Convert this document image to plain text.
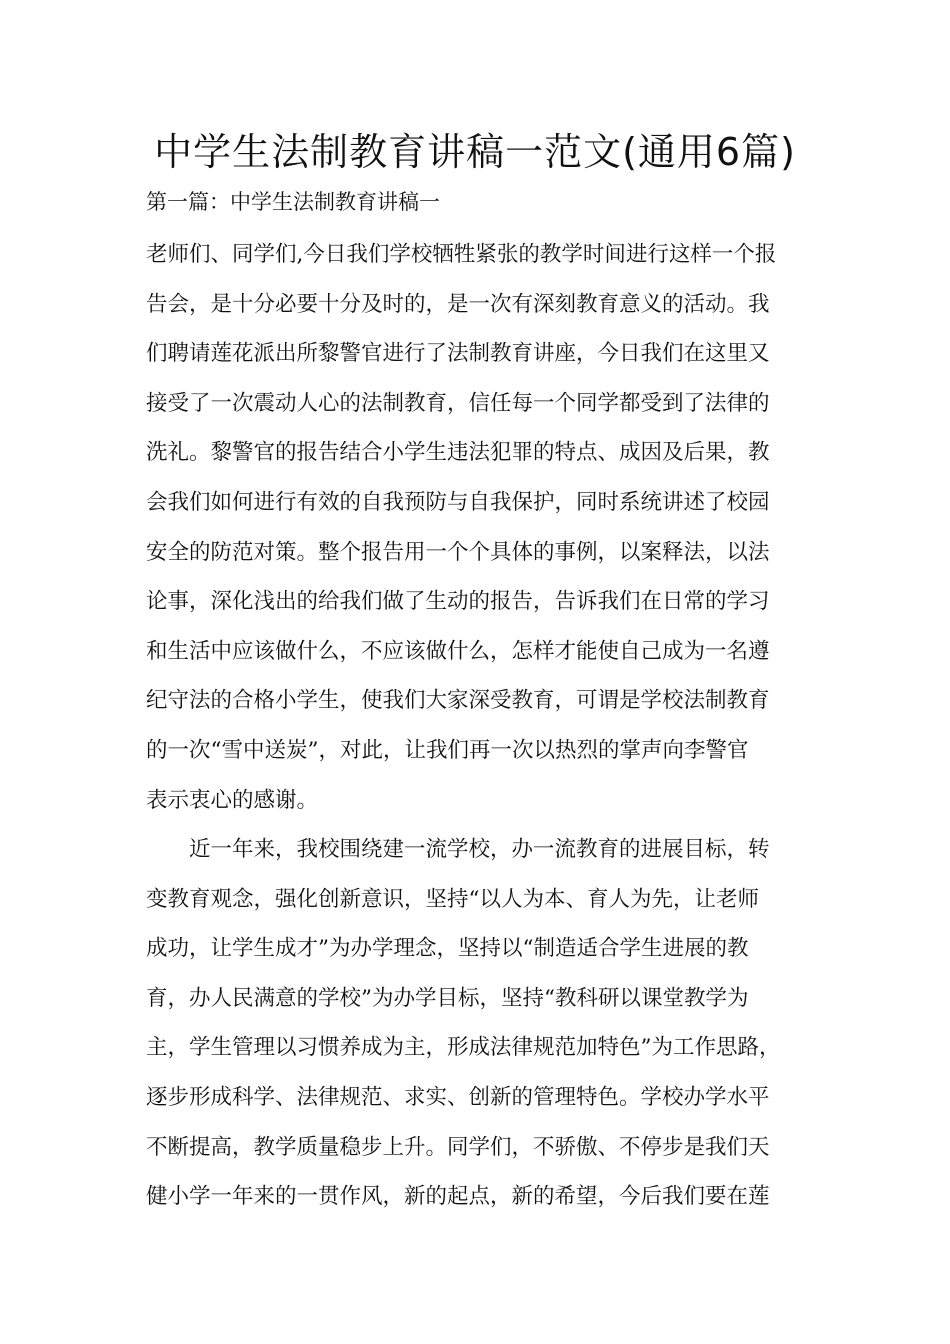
中学生法制教育讲稿一范文(通用6篇)

第一篇：中学生法制教育讲稿一

老师们、同学们,今日我们学校牺牲紧张的教学时间进行这样一个报
告会，是十分必要十分及时的，是一次有深刻教育意义的活动。我
们聘请莲花派出所黎警官进行了法制教育讲座，今日我们在这里又
接受了一次震动人心的法制教育，信任每一个同学都受到了法律的
洗礼。黎警官的报告结合小学生违法犯罪的特点、成因及后果，教
会我们如何进行有效的自我预防与自我保护，同时系统讲述了校园
安全的防范对策。整个报告用一个个具体的事例，以案释法，以法
论事，深化浅出的给我们做了生动的报告，告诉我们在日常的学习
和生活中应该做什么，不应该做什么，怎样才能使自己成为一名遵
纪守法的合格小学生，使我们大家深受教育，可谓是学校法制教育
的一次“雪中送炭”，对此，让我们再一次以热烈的掌声向李警官
表示衷心的感谢。
　　近一年来，我校围绕建一流学校，办一流教育的进展目标，转
变教育观念，强化创新意识，坚持“以人为本、育人为先，让老师
成功，让学生成才”为办学理念，坚持以“制造适合学生进展的教
育，办人民满意的学校”为办学目标，坚持“教科研以课堂教学为
主，学生管理以习惯养成为主，形成法律规范加特色”为工作思路，
逐步形成科学、法律规范、求实、创新的管理特色。学校办学水平
不断提高，教学质量稳步上升。同学们，不骄傲、不停步是我们天
健小学一年来的一贯作风，新的起点，新的希望，今后我们要在莲
